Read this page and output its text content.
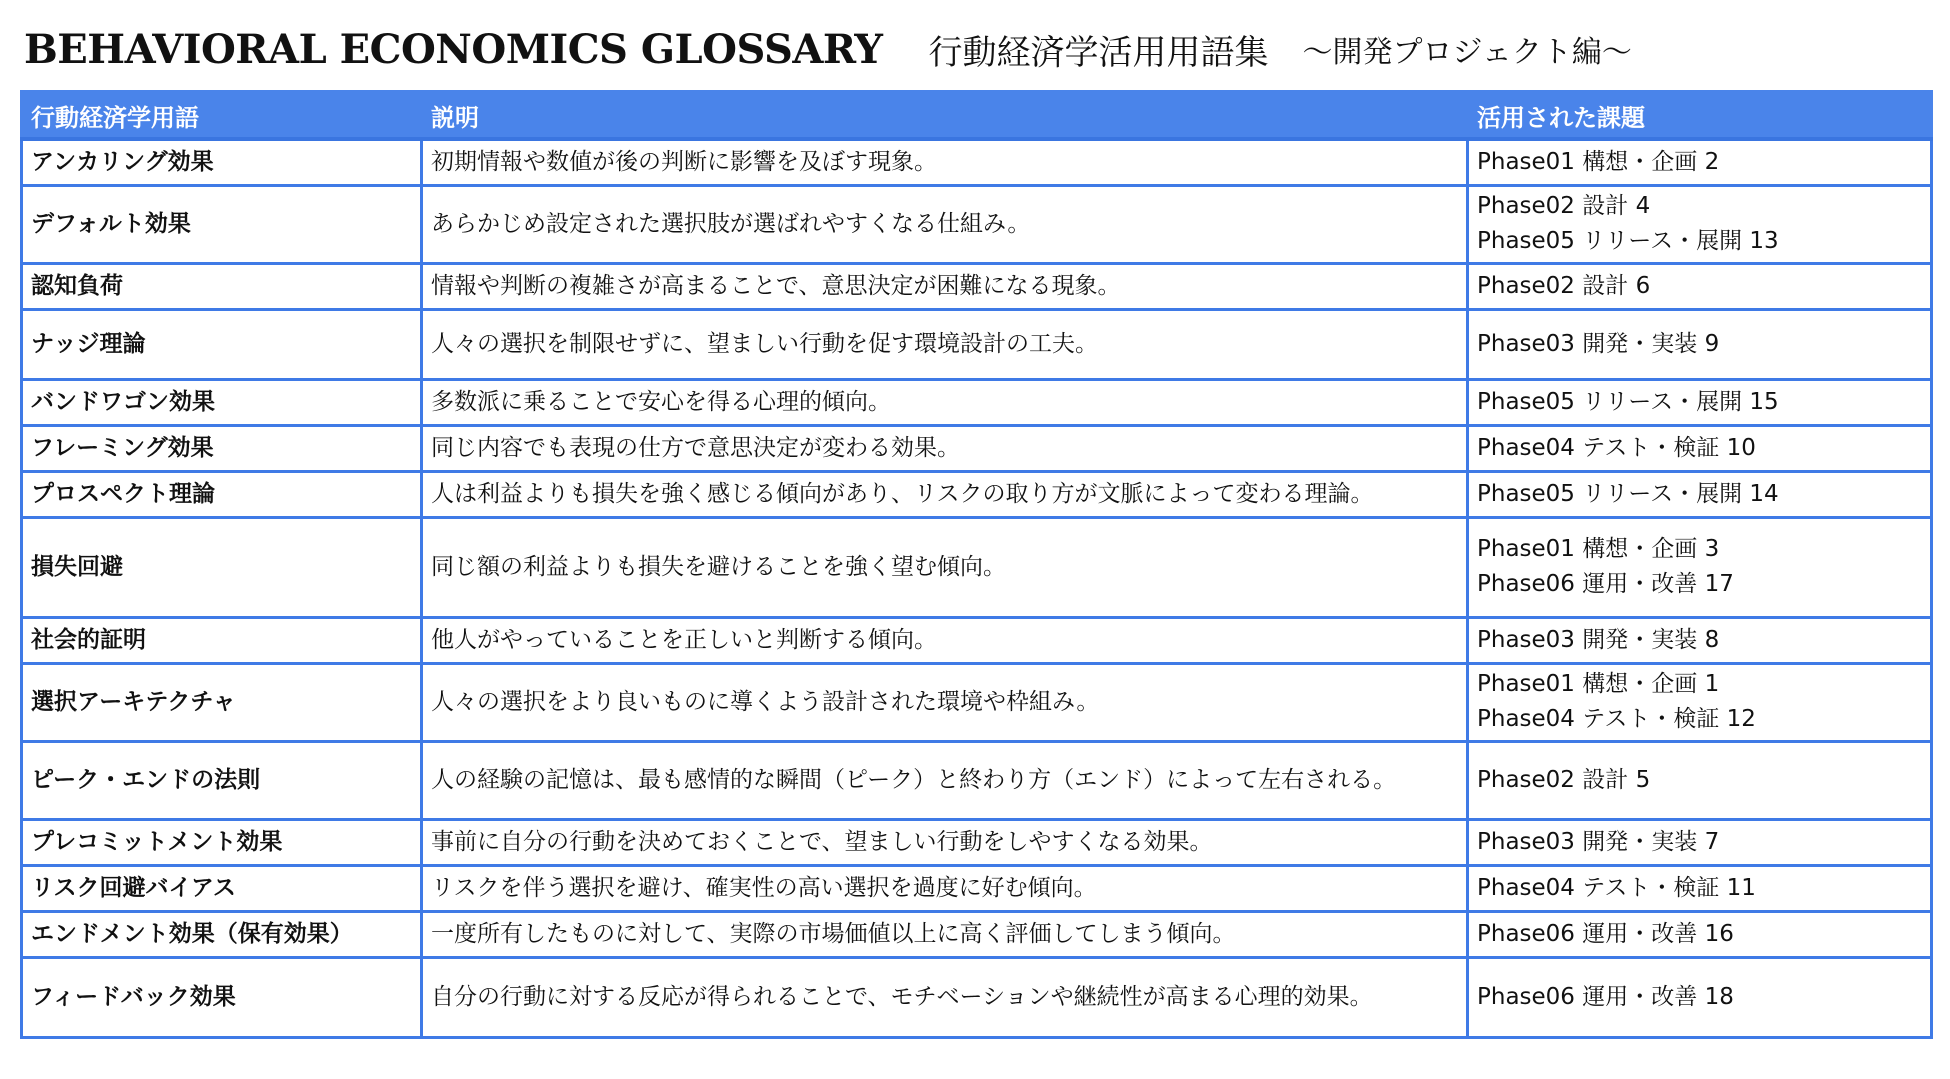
BEHAVIORAL ECONOMICS GLOSSARY 行動経済学活用用語集 〜開発プロジェクト編〜
行動経済学用語	説明	活用された課題
アンカリング効果	初期情報や数値が後の判断に影響を及ぼす現象。	Phase01 構想・企画 2

デフォルト効果	あらかじめ設定された選択肢が選ばれやすくなる仕組み。	Phase02 設計 4
Phase05 リリース・展開 13

認知負荷	情報や判断の複雑さが高まることで、意思決定が困難になる現象。	Phase02 設計 6

ナッジ理論	人々の選択を制限せずに、望ましい行動を促す環境設計の工夫。	Phase03 開発・実装 9

バンドワゴン効果	多数派に乗ることで安心を得る心理的傾向。	Phase05 リリース・展開 15

フレーミング効果	同じ内容でも表現の仕方で意思決定が変わる効果。	Phase04 テスト・検証 10

プロスペクト理論	人は利益よりも損失を強く感じる傾向があり、リスクの取り方が文脈によって変わる理論。	Phase05 リリース・展開 14

損失回避	同じ額の利益よりも損失を避けることを強く望む傾向。	Phase01 構想・企画 3
Phase06 運用・改善 17

社会的証明	他人がやっていることを正しいと判断する傾向。	Phase03 開発・実装 8

選択アーキテクチャ	人々の選択をより良いものに導くよう設計された環境や枠組み。	Phase01 構想・企画 1
Phase04 テスト・検証 12

ピーク・エンドの法則	人の経験の記憶は、最も感情的な瞬間（ピーク）と終わり方（エンド）によって左右される。	Phase02 設計 5

プレコミットメント効果	事前に自分の行動を決めておくことで、望ましい行動をしやすくなる効果。	Phase03 開発・実装 7

リスク回避バイアス	リスクを伴う選択を避け、確実性の高い選択を過度に好む傾向。	Phase04 テスト・検証 11

エンドメント効果（保有効果）	一度所有したものに対して、実際の市場価値以上に高く評価してしまう傾向。	Phase06 運用・改善 16

フィードバック効果	自分の行動に対する反応が得られることで、モチベーションや継続性が高まる心理的効果。	Phase06 運用・改善 18
